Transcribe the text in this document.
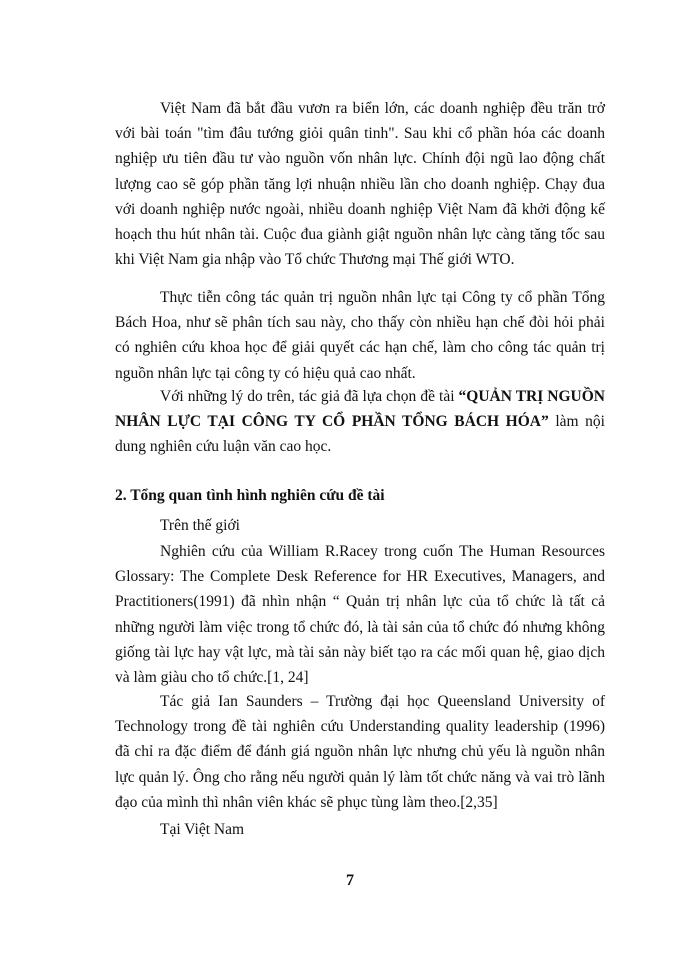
Việt Nam đã bắt đầu vươn ra biển lớn, các doanh nghiệp đều trăn trở với bài toán "tìm đâu tướng giỏi quân tinh". Sau khi cổ phần hóa các doanh nghiệp ưu tiên đầu tư vào nguồn vốn nhân lực. Chính đội ngũ lao động chất lượng cao sẽ góp phần tăng lợi nhuận nhiều lần cho doanh nghiệp. Chạy đua với doanh nghiệp nước ngoài, nhiều doanh nghiệp Việt Nam đã khởi động kế hoạch thu hút nhân tài. Cuộc đua giành giật nguồn nhân lực càng tăng tốc sau khi Việt Nam gia nhập vào Tổ chức Thương mại Thế giới WTO.

Thực tiễn công tác quản trị nguồn nhân lực tại Công ty cổ phần Tổng Bách Hoa, như sẽ phân tích sau này, cho thấy còn nhiều hạn chế đòi hỏi phải có nghiên cứu khoa học để giải quyết các hạn chế, làm cho công tác quản trị nguồn nhân lực tại công ty có hiệu quả cao nhất.

Với những lý do trên, tác giả đã lựa chọn đề tài “QUẢN TRỊ NGUỒN NHÂN LỰC TẠI CÔNG TY CỔ PHẦN TỔNG BÁCH HÓA” làm nội dung nghiên cứu luận văn cao học.

2. Tổng quan tình hình nghiên cứu đề tài

Trên thế giới

Nghiên cứu của William R.Racey trong cuốn The Human Resources Glossary: The Complete Desk Reference for HR Executives, Managers, and Practitioners(1991) đã nhìn nhận “ Quản trị nhân lực của tổ chức là tất cả những người làm việc trong tổ chức đó, là tài sản của tổ chức đó nhưng không giống tài lực hay vật lực, mà tài sản này biết tạo ra các mối quan hệ, giao dịch và làm giàu cho tổ chức.[1, 24]

Tác giả Ian Saunders – Trường đại học Queensland University of Technology trong đề tài nghiên cứu Understanding quality leadership (1996) đã chỉ ra đặc điểm để đánh giá nguồn nhân lực nhưng chủ yếu là nguồn nhân lực quản lý. Ông cho rằng nếu người quản lý làm tốt chức năng và vai trò lãnh đạo của mình thì nhân viên khác sẽ phục tùng làm theo.[2,35]

Tại Việt Nam

7
